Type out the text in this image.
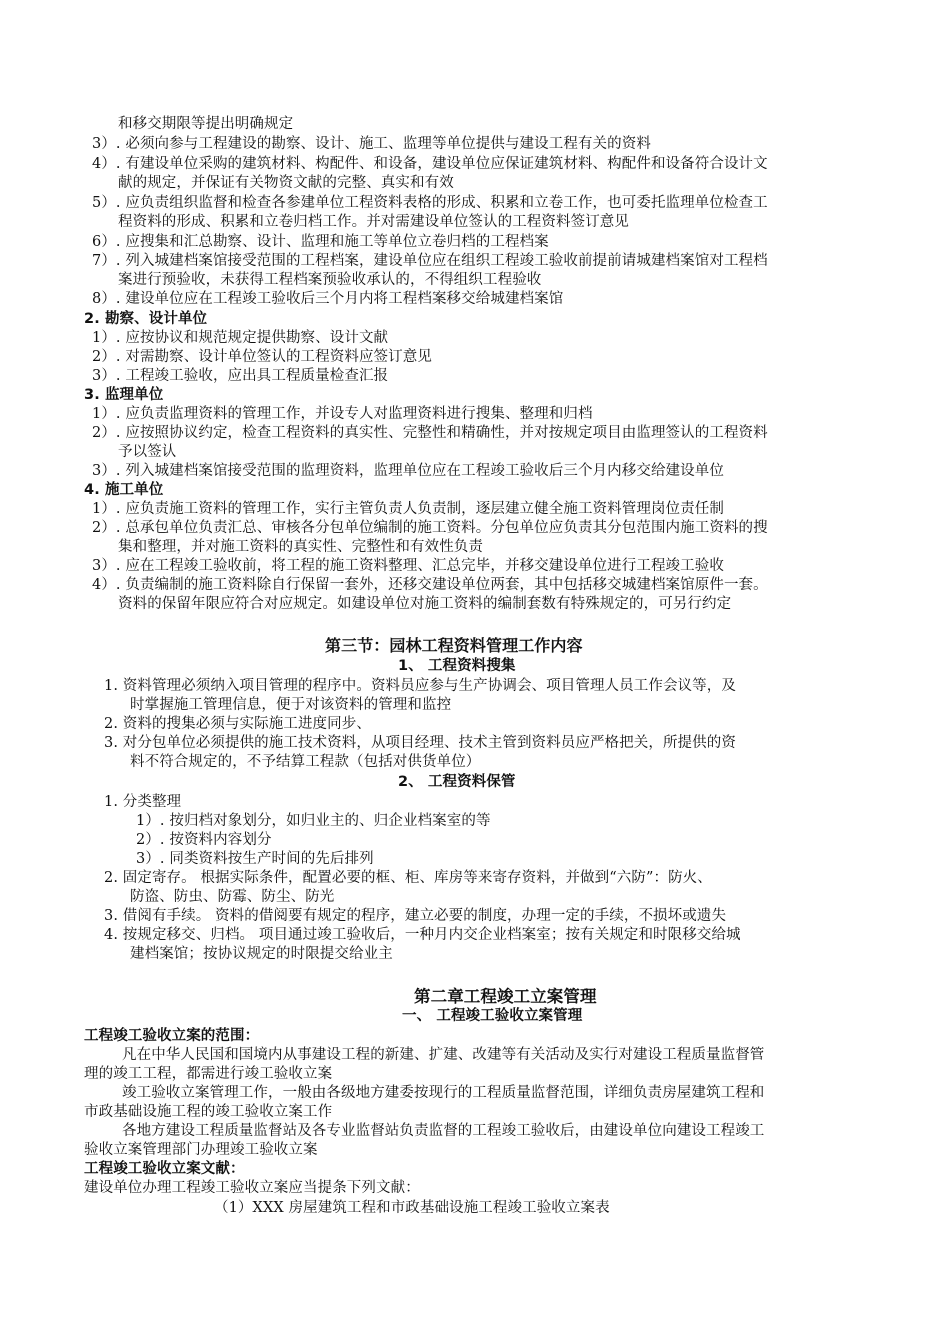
和移交期限等提出明确规定
3）. 必须向参与工程建设的勘察、设计、施工、监理等单位提供与建设工程有关的资料
4）. 有建设单位采购的建筑材料、构配件、和设备，建设单位应保证建筑材料、构配件和设备符合设计文
献的规定，并保证有关物资文献的完整、真实和有效
5）. 应负责组织监督和检查各参建单位工程资料表格的形成、积累和立卷工作，也可委托监理单位检查工
程资料的形成、积累和立卷归档工作。并对需建设单位签认的工程资料签订意见
6）. 应搜集和汇总勘察、设计、监理和施工等单位立卷归档的工程档案
7）. 列入城建档案馆接受范围的工程档案，建设单位应在组织工程竣工验收前提前请城建档案馆对工程档
案进行预验收，未获得工程档案预验收承认的，不得组织工程验收
8）. 建设单位应在工程竣工验收后三个月内将工程档案移交给城建档案馆
2. 勘察、设计单位
1）. 应按协议和规范规定提供勘察、设计文献
2）. 对需勘察、设计单位签认的工程资料应签订意见
3）. 工程竣工验收，应出具工程质量检查汇报
3. 监理单位
1）. 应负责监理资料的管理工作，并设专人对监理资料进行搜集、整理和归档
2）. 应按照协议约定，检查工程资料的真实性、完整性和精确性，并对按规定项目由监理签认的工程资料
予以签认
3）. 列入城建档案馆接受范围的监理资料，监理单位应在工程竣工验收后三个月内移交给建设单位
4. 施工单位
1）. 应负责施工资料的管理工作，实行主管负责人负责制，逐层建立健全施工资料管理岗位责任制
2）. 总承包单位负责汇总、审核各分包单位编制的施工资料。分包单位应负责其分包范围内施工资料的搜
集和整理，并对施工资料的真实性、完整性和有效性负责
3）. 应在工程竣工验收前，将工程的施工资料整理、汇总完毕，并移交建设单位进行工程竣工验收
4）. 负责编制的施工资料除自行保留一套外，还移交建设单位两套，其中包括移交城建档案馆原件一套。
资料的保留年限应符合对应规定。如建设单位对施工资料的编制套数有特殊规定的，可另行约定
第三节：园林工程资料管理工作内容
1、 工程资料搜集
1. 资料管理必须纳入项目管理的程序中。资料员应参与生产协调会、项目管理人员工作会议等，及
时掌握施工管理信息，便于对该资料的管理和监控
2. 资料的搜集必须与实际施工进度同步、
3. 对分包单位必须提供的施工技术资料，从项目经理、技术主管到资料员应严格把关，所提供的资
料不符合规定的，不予结算工程款（包括对供货单位）
2、 工程资料保管
1. 分类整理
1）. 按归档对象划分，如归业主的、归企业档案室的等
2）. 按资料内容划分
3）. 同类资料按生产时间的先后排列
2. 固定寄存。 根据实际条件，配置必要的框、柜、库房等来寄存资料，并做到“六防”：防火、
防盗、防虫、防霉、防尘、防光
3. 借阅有手续。 资料的借阅要有规定的程序，建立必要的制度，办理一定的手续，不损坏或遗失
4. 按规定移交、归档。 项目通过竣工验收后，一种月内交企业档案室；按有关规定和时限移交给城
建档案馆；按协议规定的时限提交给业主
第二章工程竣工立案管理
一、 工程竣工验收立案管理
工程竣工验收立案的范围：
凡在中华人民国和国境内从事建设工程的新建、扩建、改建等有关活动及实行对建设工程质量监督管
理的竣工工程，都需进行竣工验收立案
竣工验收立案管理工作，一般由各级地方建委按现行的工程质量监督范围，详细负责房屋建筑工程和
市政基础设施工程的竣工验收立案工作
各地方建设工程质量监督站及各专业监督站负责监督的工程竣工验收后，由建设单位向建设工程竣工
验收立案管理部门办理竣工验收立案
工程竣工验收立案文献：
建设单位办理工程竣工验收立案应当提条下列文献：
（1）XXX 房屋建筑工程和市政基础设施工程竣工验收立案表
